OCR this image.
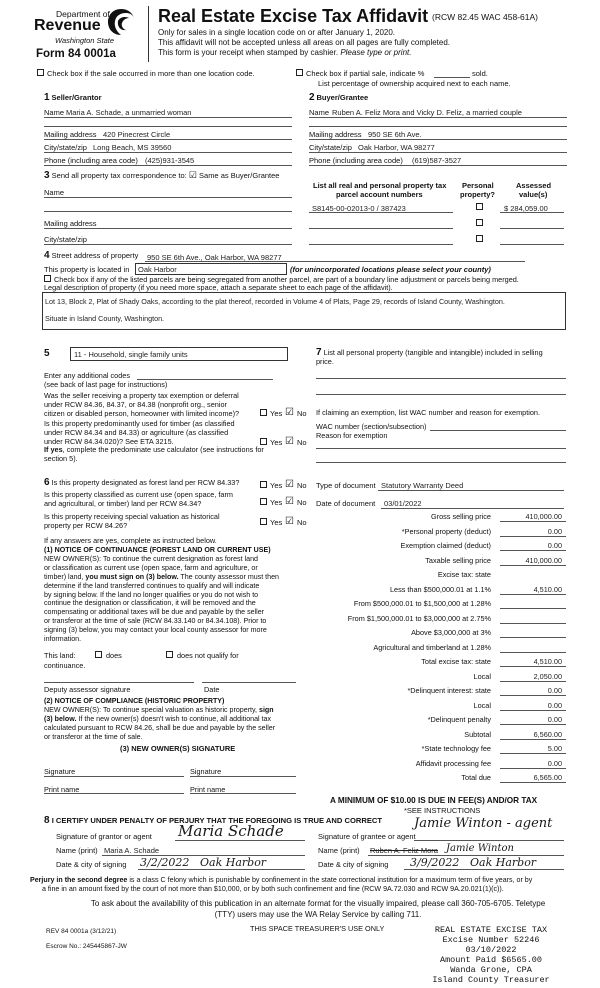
Department of
Revenue
Washington State
Form 84 0001a
Real Estate Excise Tax Affidavit (RCW 82.45 WAC 458-61A)
Only for sales in a single location code on or after January 1, 2020.
This affidavit will not be accepted unless all areas on all pages are fully completed.
This form is your receipt when stamped by cashier. Please type or print.
Check box if the sale occurred in more than one location code.	Check box if partial sale, indicate %	sold.
List percentage of ownership acquired next to each name.
1 Seller/Grantor
Name Maria A. Schade, a unmarried woman
Mailing address 420 Pinecrest Circle
City/state/zip Long Beach, MS 39560
Phone (including area code) (425)931-3545
2 Buyer/Grantee
Name Ruben A. Feliz Mora and Vicky D. Feliz, a married couple
Mailing address 950 SE 6th Ave.
City/state/zip Oak Harbor, WA 98277
Phone (including area code) (619)587-3527
3 Send all property tax correspondence to: ☑ Same as Buyer/Grantee
Name
Mailing address
City/state/zip
List all real and personal property tax
parcel account numbers
Personal
property?
Assessed
value(s)
S8145-00-02013-0 / 387423	$ 284,059.00
4 Street address of property 950 SE 6th Ave., Oak Harbor, WA 98277
This property is located in Oak Harbor	(for unincorporated locations please select your county)
Check box if any of the listed parcels are being segregated from another parcel, are part of a boundary line adjustment or parcels being merged.
Legal description of property (if you need more space, attach a separate sheet to each page of the affidavit).
Lot 13, Block 2, Plat of Shady Oaks, according to the plat thereof, recorded in Volume 4 of Plats, Page 29, records of Island County, Washington.
Situate in Island County, Washington.
5	11 - Household, single family units
Enter any additional codes
(see back of last page for instructions)
Was the seller receiving a property tax exemption or deferral
under RCW 84.36, 84.37, or 84.38 (nonprofit org., senior
citizen or disabled person, homeowner with limited income)?	Yes ☑ No
Is this property predominantly used for timber (as classified
under RCW 84.34 and 84.33) or agriculture (as classified
under RCW 84.34.020)? See ETA 3215.
If yes, complete the predominate use calculator (see instructions for
section 5).
Yes ☑ No
7 List all personal property (tangible and intangible) included in selling
price.
If claiming an exemption, list WAC number and reason for exemption.
WAC number (section/subsection)
Reason for exemption
6 Is this property designated as forest land per RCW 84.33?	Yes ☑ No
Is this property classified as current use (open space, farm
and agricultural, or timber) land per RCW 84.34?	Yes ☑ No
Is this property receiving special valuation as historical
property per RCW 84.26?	Yes ☑ No
If any answers are yes, complete as instructed below.
(1) NOTICE OF CONTINUANCE (FOREST LAND OR CURRENT USE)
NEW OWNER(S): To continue the current designation as forest land
or classification as current use (open space, farm and agriculture, or
timber) land, you must sign on (3) below. The county assessor must then
determine if the land transferred continues to qualify and will indicate
by signing below. If the land no longer qualifies or you do not wish to
continue the designation or classification, it will be removed and the
compensating or additional taxes will be due and payable by the seller
or transferor at the time of sale (RCW 84.33.140 or 84.34.108). Prior to
signing (3) below, you may contact your local county assessor for more
information.
This land:	does	does not qualify for
continuance.
Deputy assessor signature	Date
(2) NOTICE OF COMPLIANCE (HISTORIC PROPERTY)
NEW OWNER(S): To continue special valuation as historic property, sign
(3) below. If the new owner(s) doesn't wish to continue, all additional tax
calculated pursuant to RCW 84.26, shall be due and payable by the seller
or transferor at the time of sale.
(3) NEW OWNER(S) SIGNATURE
Signature	Signature
Print name	Print name
Type of document Statutory Warranty Deed
Date of document 03/01/2022
Gross selling price	410,000.00
*Personal property (deduct)	0.00
Exemption claimed (deduct)	0.00
Taxable selling price	410,000.00
Excise tax: state
Less than $500,000.01 at 1.1%	4,510.00
From $500,000.01 to $1,500,000 at 1.28%
From $1,500,000.01 to $3,000,000 at 2.75%
Above $3,000,000 at 3%
Agricultural and timberland at 1.28%
Total excise tax: state	4,510.00
Local	2,050.00
*Delinquent interest: state	0.00
Local	0.00
*Delinquent penalty	0.00
Subtotal	6,560.00
*State technology fee	5.00
Affidavit processing fee	0.00
Total due	6,565.00
A MINIMUM OF $10.00 IS DUE IN FEE(S) AND/OR TAX
*SEE INSTRUCTIONS
8 I CERTIFY UNDER PENALTY OF PERJURY THAT THE FOREGOING IS TRUE AND CORRECT
Signature of grantor or agent Maria Schade
Name (print) Maria A. Schade
Date & city of signing 3/2/2022 Oak Harbor
Signature of grantee or agent
Jamie Winton - agent
Name (print) Ruben A. Feliz Mora Jamie Winton
Date & city of signing 3/9/2022 Oak Harbor
Perjury in the second degree is a class C felony which is punishable by confinement in the state correctional institution for a maximum term of five years, or by
a fine in an amount fixed by the court of not more than $10,000, or by both such confinement and fine (RCW 9A.72.030 and RCW 9A.20.021(1)(c)).
To ask about the availability of this publication in an alternate format for the visually impaired, please call 360-705-6705. Teletype
(TTY) users may use the WA Relay Service by calling 711.
REV 84 0001a (3/12/21)	THIS SPACE TREASURER'S USE ONLY
Escrow No.: 245445867-JW
REAL ESTATE EXCISE TAX
Excise Number 52246
03/10/2022
Amount Paid $6565.00
Wanda Grone, CPA
Island County Treasurer
